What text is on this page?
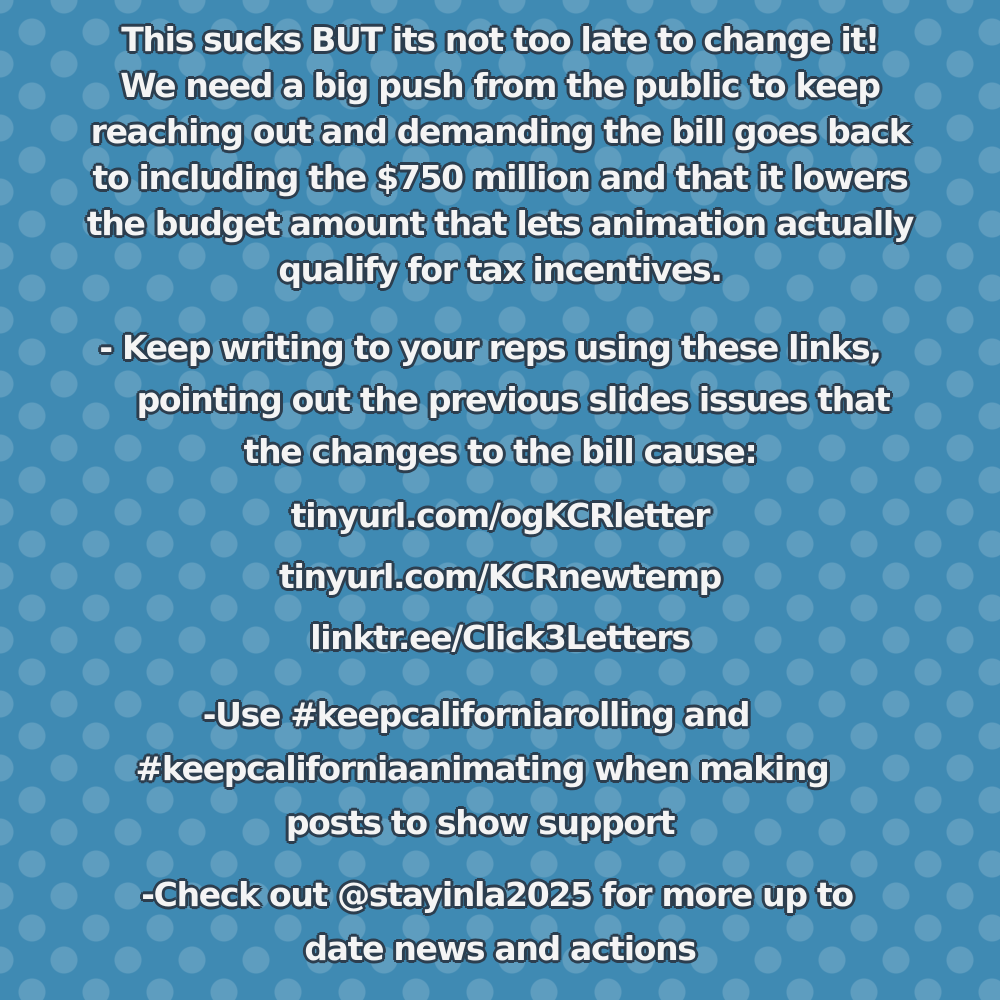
This sucks BUT its not too late to change it!
We need a big push from the public to keep
reaching out and demanding the bill goes back
to including the $750 million and that it lowers
the budget amount that lets animation actually
qualify for tax incentives.
- Keep writing to your reps using these links,
pointing out the previous slides issues that
the changes to the bill cause:
tinyurl.com/ogKCRletter
tinyurl.com/KCRnewtemp
linktr.ee/Click3Letters
-Use #keepcaliforniarolling and
#keepcaliforniaanimating when making
posts to show support
-Check out @stayinla2025 for more up to
date news and actions
